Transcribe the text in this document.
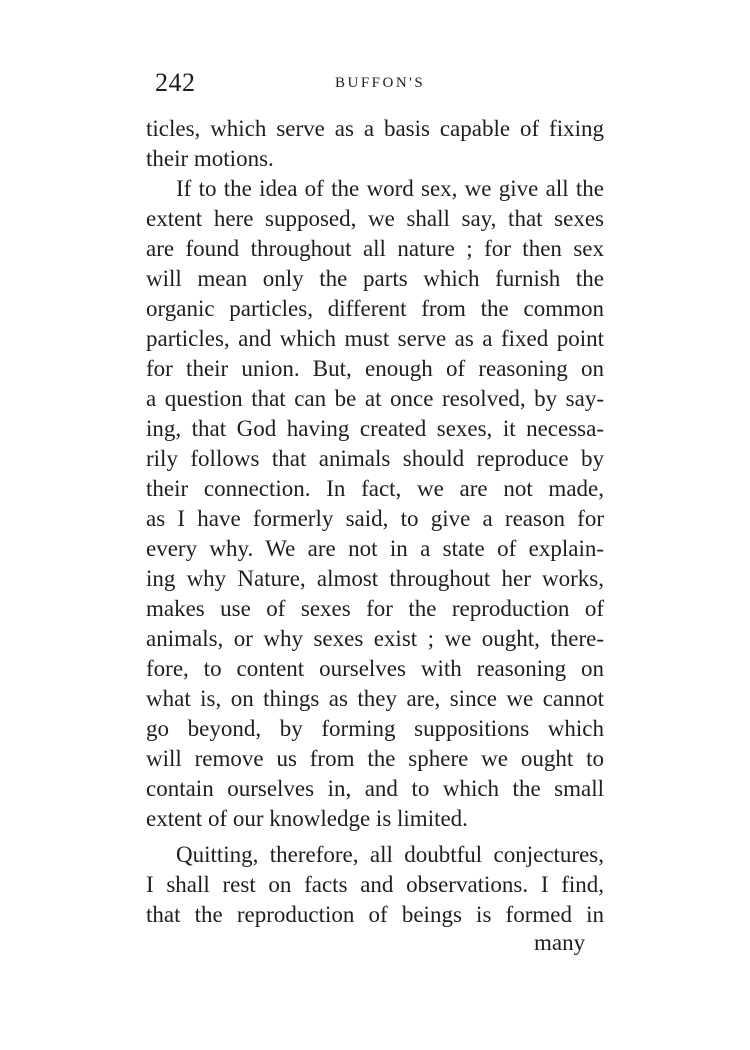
242	BUFFON'S
ticles, which serve as a basis capable of fixing
their motions.
If to the idea of the word sex, we give all the
extent here supposed, we shall say, that sexes
are found throughout all nature ; for then sex
will mean only the parts which furnish the
organic particles, different from the common
particles, and which must serve as a fixed point
for their union. But, enough of reasoning on
a question that can be at once resolved, by say-
ing, that God having created sexes, it necessa-
rily follows that animals should reproduce by
their connection. In fact, we are not made,
as I have formerly said, to give a reason for
every why. We are not in a state of explain-
ing why Nature, almost throughout her works,
makes use of sexes for the reproduction of
animals, or why sexes exist ; we ought, there-
fore, to content ourselves with reasoning on
what is, on things as they are, since we cannot
go beyond, by forming suppositions which
will remove us from the sphere we ought to
contain ourselves in, and to which the small
extent of our knowledge is limited.
Quitting, therefore, all doubtful conjectures,
I shall rest on facts and observations. I find,
that the reproduction of beings is formed in
many
